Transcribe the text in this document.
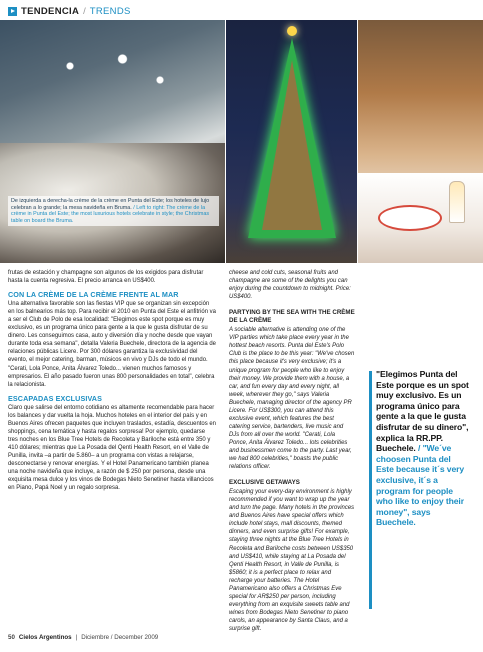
TENDENCIA / TRENDS
De izquierda a derecha-la crème de la crème en Punta del Este; los hoteles de lujo celebran a lo grande; la mesa navideña en Bruma. / Left to right: The crème de la crème in Punta del Este; the most luxurious hotels celebrate in style; the Christmas table on board the Bruma.

frutas de estación y champagne son algunos de los exigidos para disfrutar hasta la cuenta regresiva. El precio arranca en US$400.

CON LA CRÈME DE LA CRÈME FRENTE AL MAR

Una alternativa favorable son las fiestas VIP que se organizan sin excepción en los balnearios más top. Para recibir el 2010 en Punta del Este el anfitrión va a ser el Club de Polo de esa localidad: "Elegimos este spot porque es muy exclusivo, es un programa único para gente a la que le gusta disfrutar de su dinero. Les conseguimos casa, auto y diversión día y noche desde que vayan durante toda esa semana", detalla Valeria Buechele, directora de la agencia de relaciones públicas Licere. Por 300 dólares garantiza la exclusividad del evento, el mejor catering, barman, músicos en vivo y DJs de todo el mundo. "Cerati, Lola Ponce, Anita Álvarez Toledo... vienen muchos famosos y empresarios. El año pasado fueron unas 800 personalidades en total", celebra la relacionista.

ESCAPADAS EXCLUSIVAS

Claro que salirse del entorno cotidiano es altamente recomendable para hacer los balances y dar vuelta la hoja. Muchos hoteles en el interior del país y en Buenos Aires ofrecen paquetes que incluyen traslados, estadía, descuentos en shoppings, cena temática y hasta regalos sorpresa! Por ejemplo, quedarse tres noches en los Blue Tree Hotels de Recoleta y Bariloche está entre 350 y 410 dólares; mientras que La Posada del Qenti Health Resort, en el Valle de Punilla, invita –a partir de 5.860– a un programa con vistas a relajarse, desconectarse y renovar energías. Y el Hotel Panamericano también planea una noche navideña que incluye, a razón de $ 250 por persona, desde una exquisita mesa dulce y los vinos de Bodegas Nieto Senetiner hasta villancicos en Piano, Papá Noel y un regalo sorpresa.

cheese and cold cuts, seasonal fruits and champagne are some of the delights you can enjoy during the countdown to midnight. Price: US$400.

PARTYING BY THE SEA WITH THE CRÈME DE LA CRÈME

A sociable alternative is attending one of the VIP parties which take place every year in the hottest beach resorts. Punta del Este's Polo Club is the place to be this year: "We've chosen this place because it's very exclusive; it's a unique program for people who like to enjoy their money. We provide them with a house, a car, and fun every day and every night, all week, wherever they go," says Valeria Buechele, managing director of the agency PR Licere. For US$300, you can attend this exclusive event, which features the best catering service, bartenders, live music and DJs from all over the world. "Cerati, Lola Ponce, Anita Álvarez Toledo... lots celebrities and businessmen come to the party. Last year, we had 800 celebrities," boasts the public relations officer.

EXCLUSIVE GETAWAYS

Escaping your every-day environment is highly recommended if you want to wrap up the year and turn the page. Many hotels in the provinces and Buenos Aires have special offers which include hotel stays, mall discounts, themed dinners, and even surprise gifts! For example, staying three nights at the Blue Tree Hotels in Recoleta and Bariloche costs between US$350 and US$410, while staying at La Posada del Qenti Health Resort, in Valle de Punilla, is $5860; it is a perfect place to relax and recharge your batteries. The Hotel Panamericano also offers a Christmas Eve special for AR$250 per person, including everything from an exquisite sweets table and wines from Bodegas Nieto Senetiner to piano carols, an appearance by Santa Claus, and a surprise gift.

"Elegimos Punta del Este porque es un spot muy exclusivo. Es un programa único para gente a la que le gusta disfrutar de su dinero", explica la RR.PP. Buechele. / "We´ve choosen Punta del Este because it´s very exclusive, it´s a program for people who like to enjoy their money", says Buechele.
50 Cielos Argentinos | Diciembre / December 2009
